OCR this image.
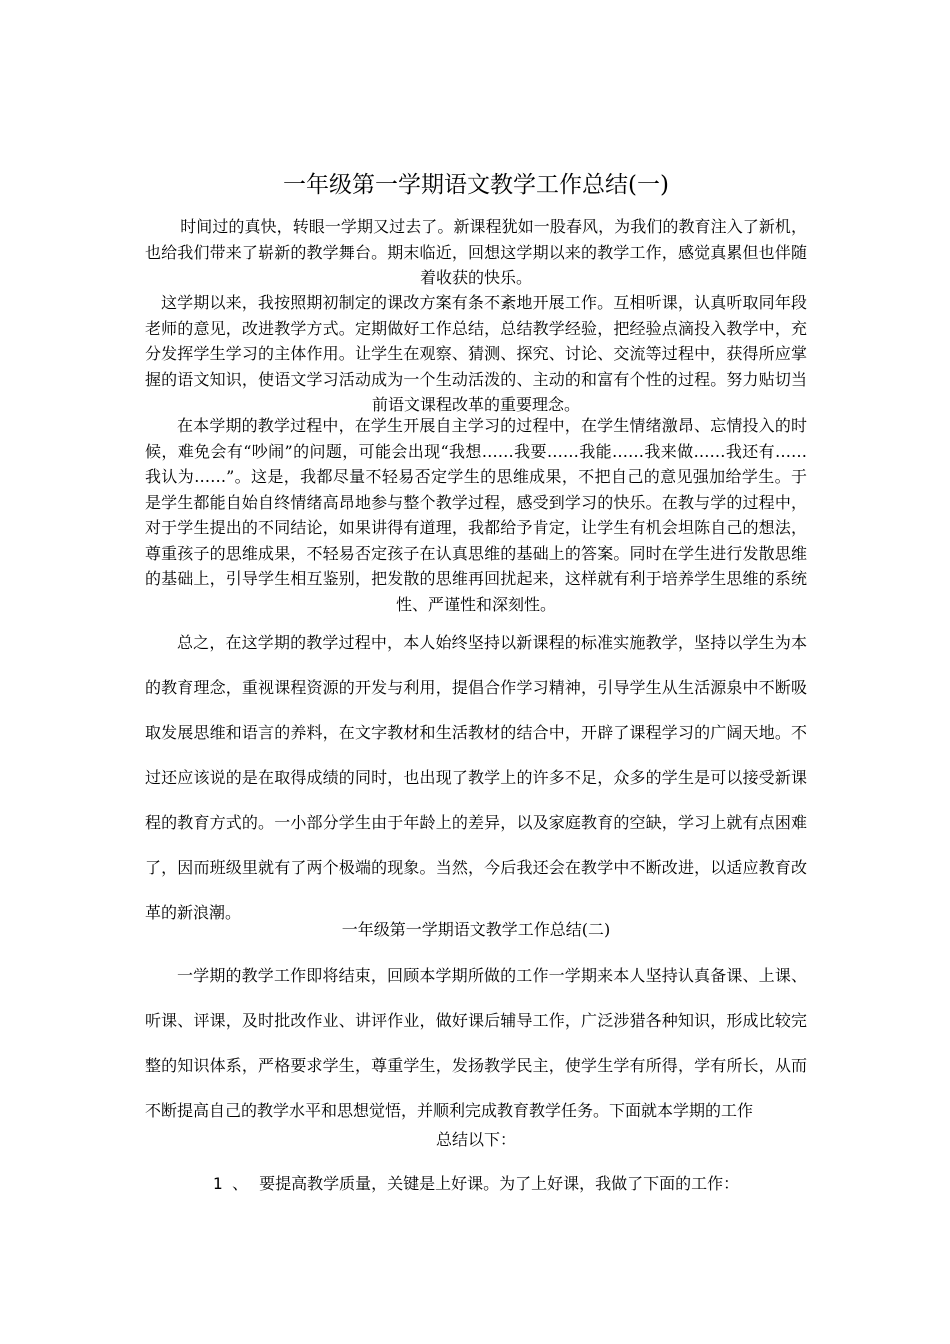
一年级第一学期语文教学工作总结(一)

时间过的真快，转眼一学期又过去了。新课程犹如一股春风，为我们的教育注入了新机，也给我们带来了崭新的教学舞台。期末临近，回想这学期以来的教学工作，感觉真累但也伴随着收获的快乐。

这学期以来，我按照期初制定的课改方案有条不紊地开展工作。互相听课，认真听取同年段老师的意见，改进教学方式。定期做好工作总结，总结教学经验，把经验点滴投入教学中，充分发挥学生学习的主体作用。让学生在观察、猜测、探究、讨论、交流等过程中，获得所应掌握的语文知识，使语文学习活动成为一个生动活泼的、主动的和富有个性的过程。努力贴切当前语文课程改革的重要理念。

在本学期的教学过程中，在学生开展自主学习的过程中，在学生情绪激昂、忘情投入的时候，难免会有“吵闹”的问题，可能会出现“我想……我要……我能……我来做……我还有……我认为……”。这是，我都尽量不轻易否定学生的思维成果，不把自己的意见强加给学生。于是学生都能自始自终情绪高昂地参与整个教学过程，感受到学习的快乐。在教与学的过程中，对于学生提出的不同结论，如果讲得有道理，我都给予肯定，让学生有机会坦陈自己的想法，尊重孩子的思维成果，不轻易否定孩子在认真思维的基础上的答案。同时在学生进行发散思维的基础上，引导学生相互鉴别，把发散的思维再回扰起来，这样就有利于培养学生思维的系统性、严谨性和深刻性。

总之，在这学期的教学过程中，本人始终坚持以新课程的标准实施教学，坚持以学生为本的教育理念，重视课程资源的开发与利用，提倡合作学习精神，引导学生从生活源泉中不断吸取发展思维和语言的养料，在文字教材和生活教材的结合中，开辟了课程学习的广阔天地。不过还应该说的是在取得成绩的同时，也出现了教学上的许多不足，众多的学生是可以接受新课程的教育方式的。一小部分学生由于年龄上的差异，以及家庭教育的空缺，学习上就有点困难了，因而班级里就有了两个极端的现象。当然，今后我还会在教学中不断改进，以适应教育改革的新浪潮。

一年级第一学期语文教学工作总结(二)

一学期的教学工作即将结束，回顾本学期所做的工作一学期来本人坚持认真备课、上课、听课、评课，及时批改作业、讲评作业，做好课后辅导工作，广泛涉猎各种知识，形成比较完整的知识体系，严格要求学生，尊重学生，发扬教学民主，使学生学有所得，学有所长，从而不断提高自己的教学水平和思想觉悟，并顺利完成教育教学任务。下面就本学期的工作

总结以下：
1 、 要提高教学质量，关键是上好课。为了上好课，我做了下面的工作：
